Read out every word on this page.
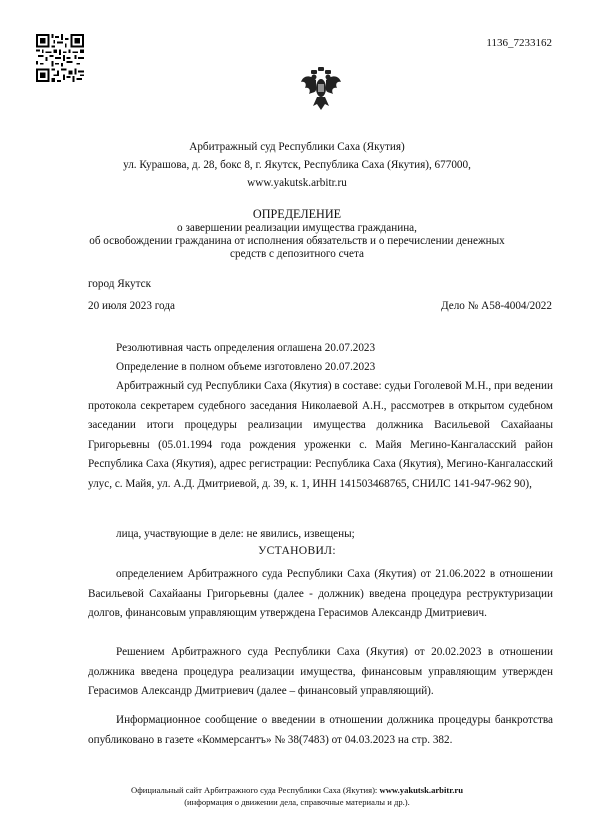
1136_7233162
Арбитражный суд Республики Саха (Якутия)
ул. Курашова, д. 28, бокс 8, г. Якутск, Республика Саха (Якутия), 677000,
www.yakutsk.arbitr.ru
ОПРЕДЕЛЕНИЕ
о завершении реализации имущества гражданина,
об освобождении гражданина от исполнения обязательств и о перечислении денежных
средств с депозитного счета
город Якутск
20 июля 2023 года	Дело № А58-4004/2022
Резолютивная часть определения оглашена 20.07.2023
Определение в полном объеме изготовлено 20.07.2023
Арбитражный суд Республики Саха (Якутия) в составе: судьи Гоголевой М.Н., при ведении протокола секретарем судебного заседания Николаевой А.Н., рассмотрев в открытом судебном заседании итоги процедуры реализации имущества должника Васильевой Сахайааны Григорьевны (05.01.1994 года рождения уроженки с. Майя Мегино-Кангаласский район Республика Саха (Якутия), адрес регистрации: Республика Саха (Якутия), Мегино-Кангаласский улус, с. Майя, ул. А.Д. Дмитриевой, д. 39, к. 1, ИНН 141503468765, СНИЛС 141-947-962 90),
лица, участвующие в деле: не явились, извещены;
УСТАНОВИЛ:
определением Арбитражного суда Республики Саха (Якутия) от 21.06.2022 в отношении Васильевой Сахайааны Григорьевны (далее - должник) введена процедура реструктуризации долгов, финансовым управляющим утверждена Герасимов Александр Дмитриевич.
Решением Арбитражного суда Республики Саха (Якутия) от 20.02.2023 в отношении должника введена процедура реализации имущества, финансовым управляющим утвержден Герасимов Александр Дмитриевич (далее – финансовый управляющий).
Информационное сообщение о введении в отношении должника процедуры банкротства опубликовано в газете «Коммерсантъ» № 38(7483) от 04.03.2023 на стр. 382.
Официальный сайт Арбитражного суда Республики Саха (Якутия): www.yakutsk.arbitr.ru
(информация о движении дела, справочные материалы и др.).
